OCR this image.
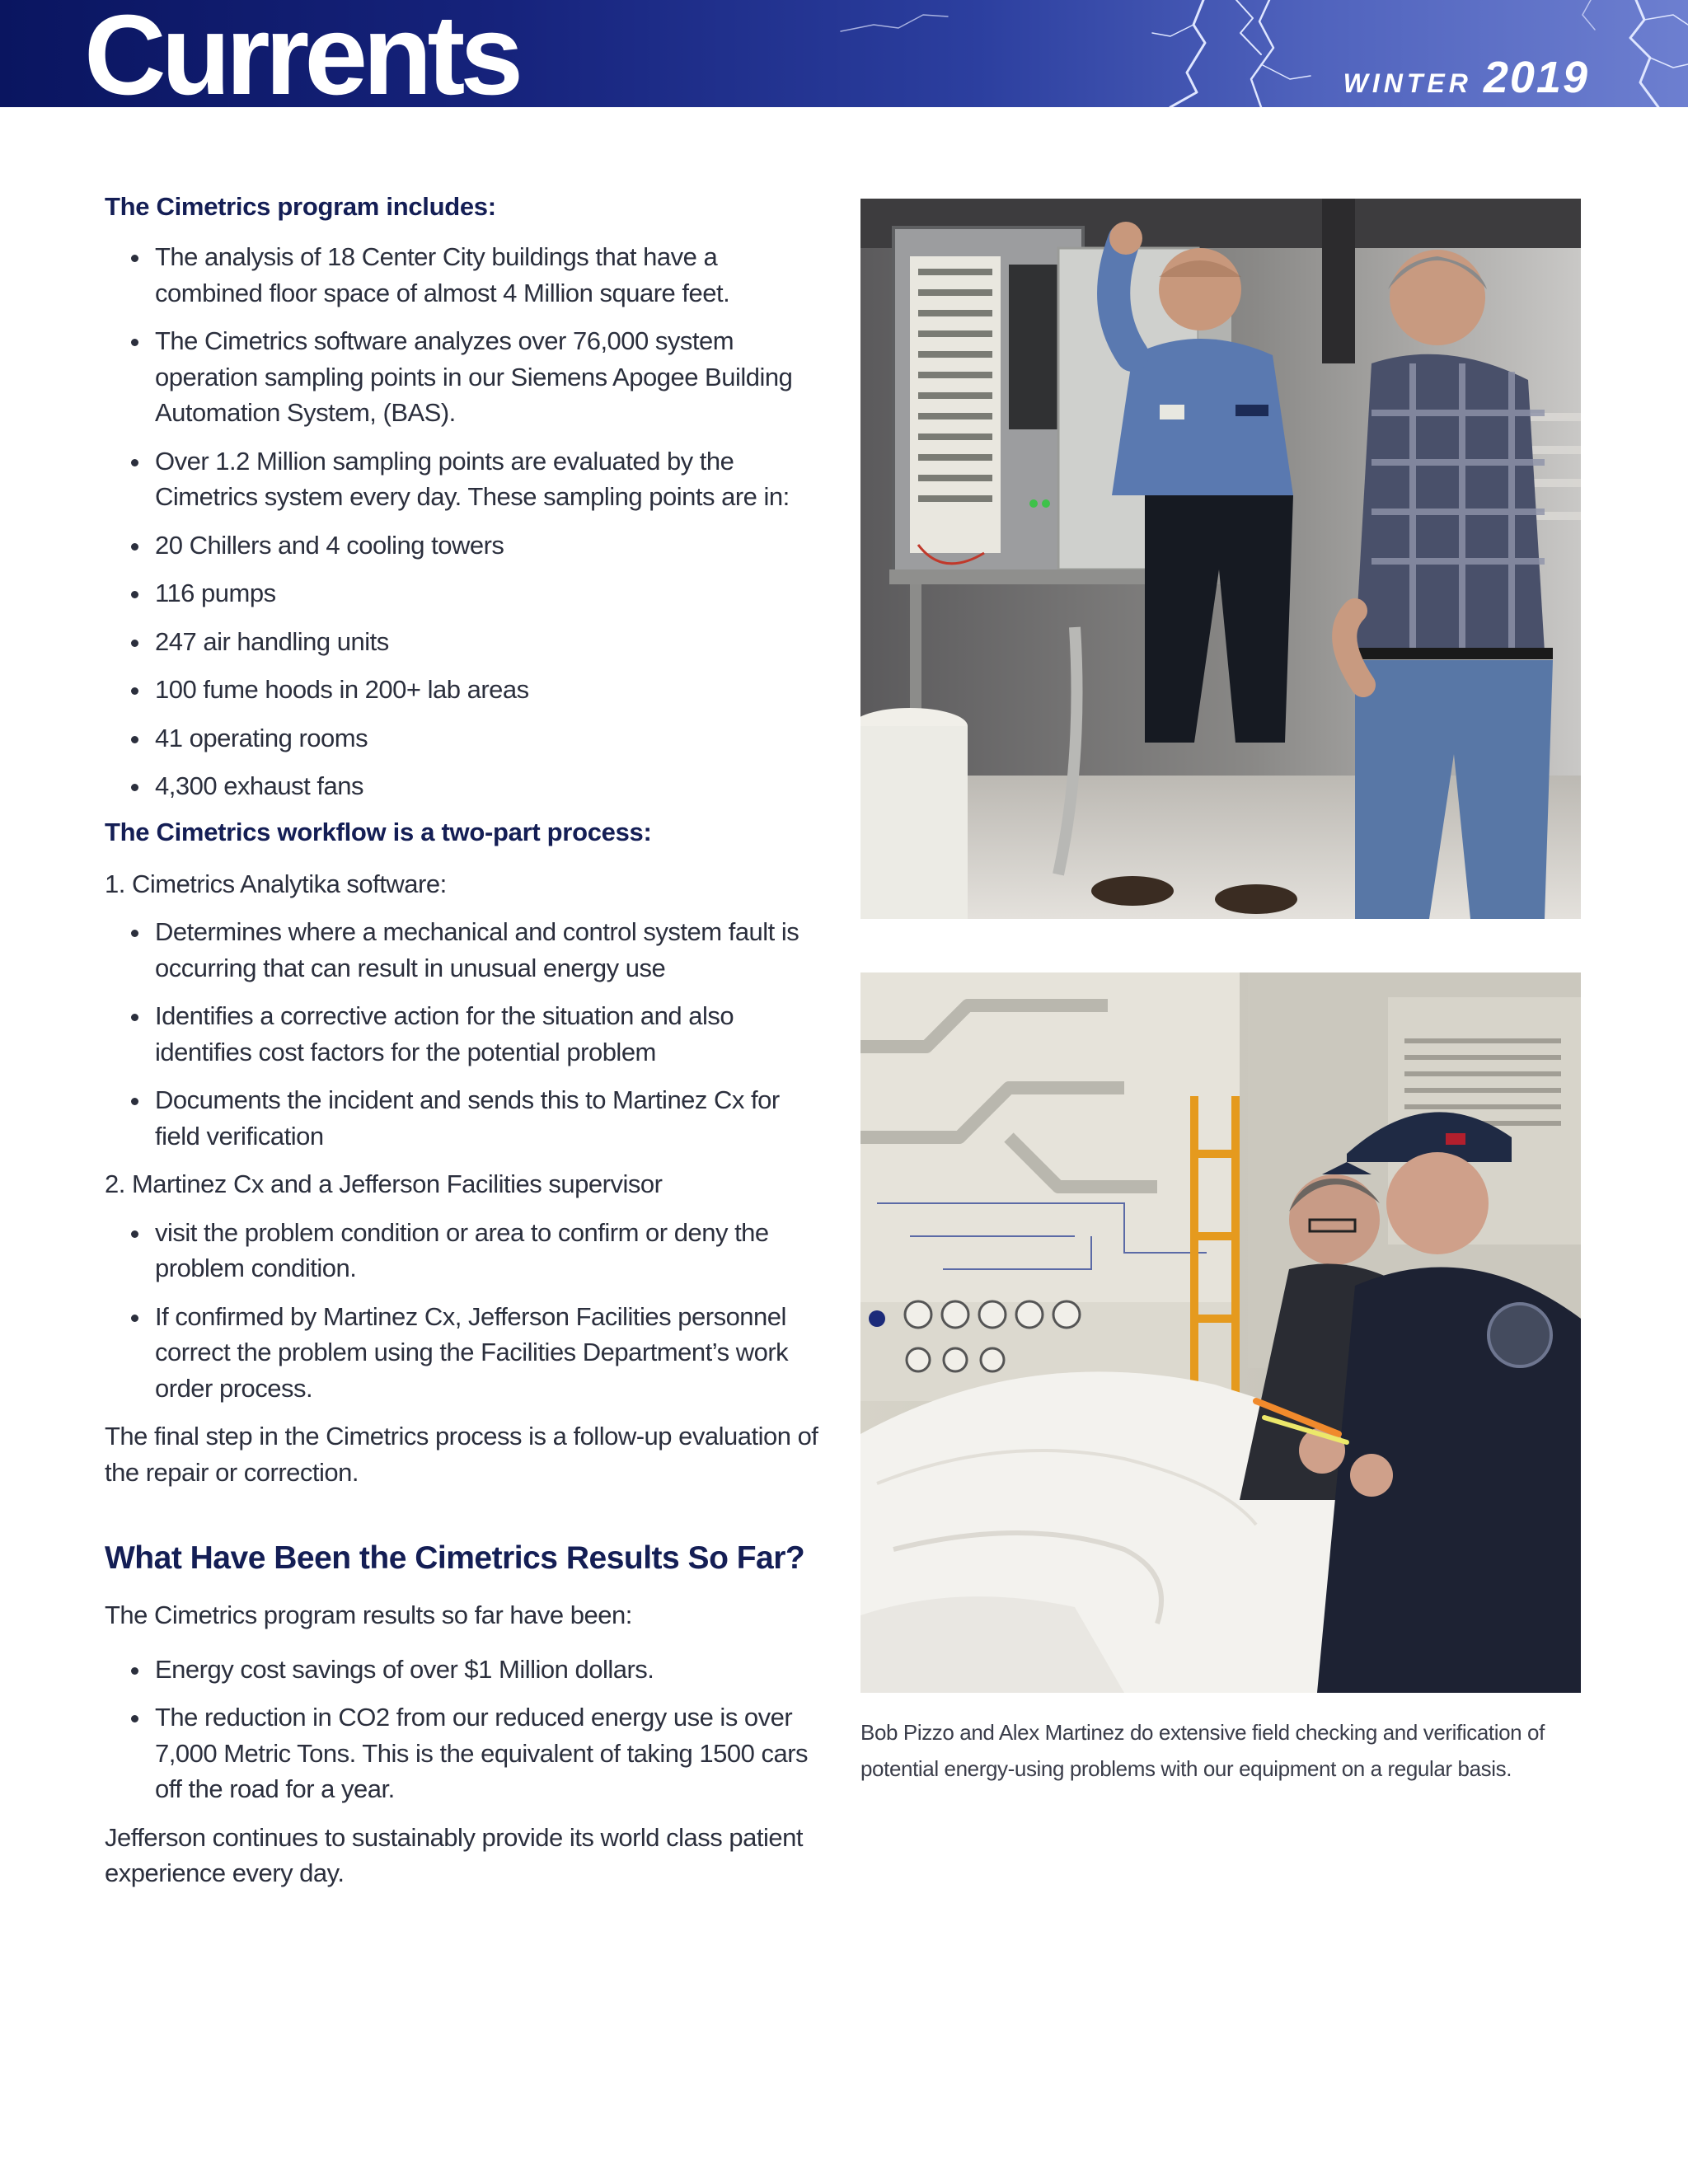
Currents	WINTER 2019
The Cimetrics program includes:
The analysis of 18 Center City buildings that have a combined floor space of almost 4 Million square feet.
The Cimetrics software analyzes over 76,000 system operation sampling points in our Siemens Apogee Building Automation System, (BAS).
Over 1.2 Million sampling points are evaluated by the Cimetrics system every day. These sampling points are in:
20 Chillers and 4 cooling towers
116 pumps
247 air handling units
100 fume hoods in 200+ lab areas
41 operating rooms
4,300 exhaust fans
The Cimetrics workflow is a two-part process:

1. Cimetrics Analytika software:

Determines where a mechanical and control system fault is occurring that can result in unusual energy use
Identifies a corrective action for the situation and also identifies cost factors for the potential problem
Documents the incident and sends this to Martinez Cx for field verification

2. Martinez Cx and a Jefferson Facilities supervisor

visit the problem condition or area to confirm or deny the problem condition.
If confirmed by Martinez Cx, Jefferson Facilities personnel correct the problem using the Facilities Department’s work order process.

The final step in the Cimetrics process is a follow-up evaluation of the repair or correction.

What Have Been the Cimetrics Results So Far?

The Cimetrics program results so far have been:

Energy cost savings of over $1 Million dollars.
The reduction in CO2 from our reduced energy use is over 7,000 Metric Tons. This is the equivalent of taking 1500 cars off the road for a year.

Jefferson continues to sustainably provide its world class patient experience every day.

Bob Pizzo and Alex Martinez do extensive field checking and verification of potential energy-using problems with our equipment on a regular basis.
